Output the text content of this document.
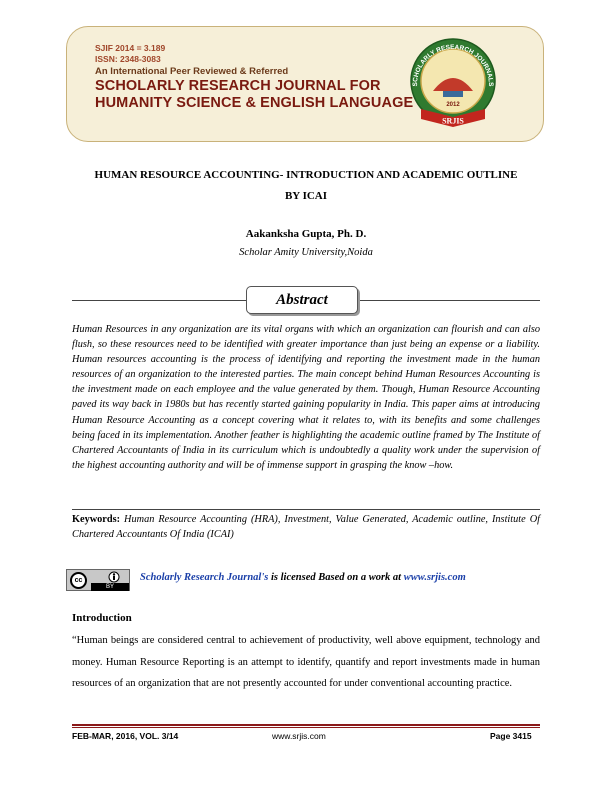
SJIF 2014 = 3.189
ISSN: 2348-3083
An International Peer Reviewed & Referred
SCHOLARLY RESEARCH JOURNAL FOR
HUMANITY SCIENCE & ENGLISH LANGUAGE
SCHOLARLY RESEARCH JOURNALS
2012
SRJIS
HUMAN RESOURCE ACCOUNTING- INTRODUCTION AND ACADEMIC OUTLINE
BY ICAI
Aakanksha Gupta, Ph. D.
Scholar Amity University,Noida
Abstract
Human Resources in any organization are its vital organs with which an organization can flourish and can also flush, so these resources need to be identified with greater importance than just being an expense or a liability. Human resources accounting is the process of identifying and reporting the investment made in the human resources of an organization to the interested parties. The main concept behind Human Resources Accounting is the investment made on each employee and the value generated by them. Though, Human Resource Accounting paved its way back in 1980s but has recently started gaining popularity in India. This paper aims at introducing Human Resource Accounting as a concept covering what it relates to, with its benefits and some challenges being faced in its implementation. Another feather is highlighting the academic outline framed by The Institute of Chartered Accountants of India in its curriculum which is undoubtedly a quality work under the supervision of the highest accounting authority and will be of immense support in grasping the know –how.
Keywords: Human Resource Accounting (HRA), Investment, Value Generated, Academic outline, Institute Of Chartered Accountants Of India (ICAI)
cc
BY
Scholarly Research Journal's is licensed Based on a work at www.srjis.com
Introduction
“Human beings are considered central to achievement of productivity, well above equipment, technology and money. Human Resource Reporting is an attempt to identify, quantify and report investments made in human resources of an organization that are not presently accounted for under conventional accounting practice.
FEB-MAR, 2016, VOL. 3/14	www.srjis.com	Page 3415
